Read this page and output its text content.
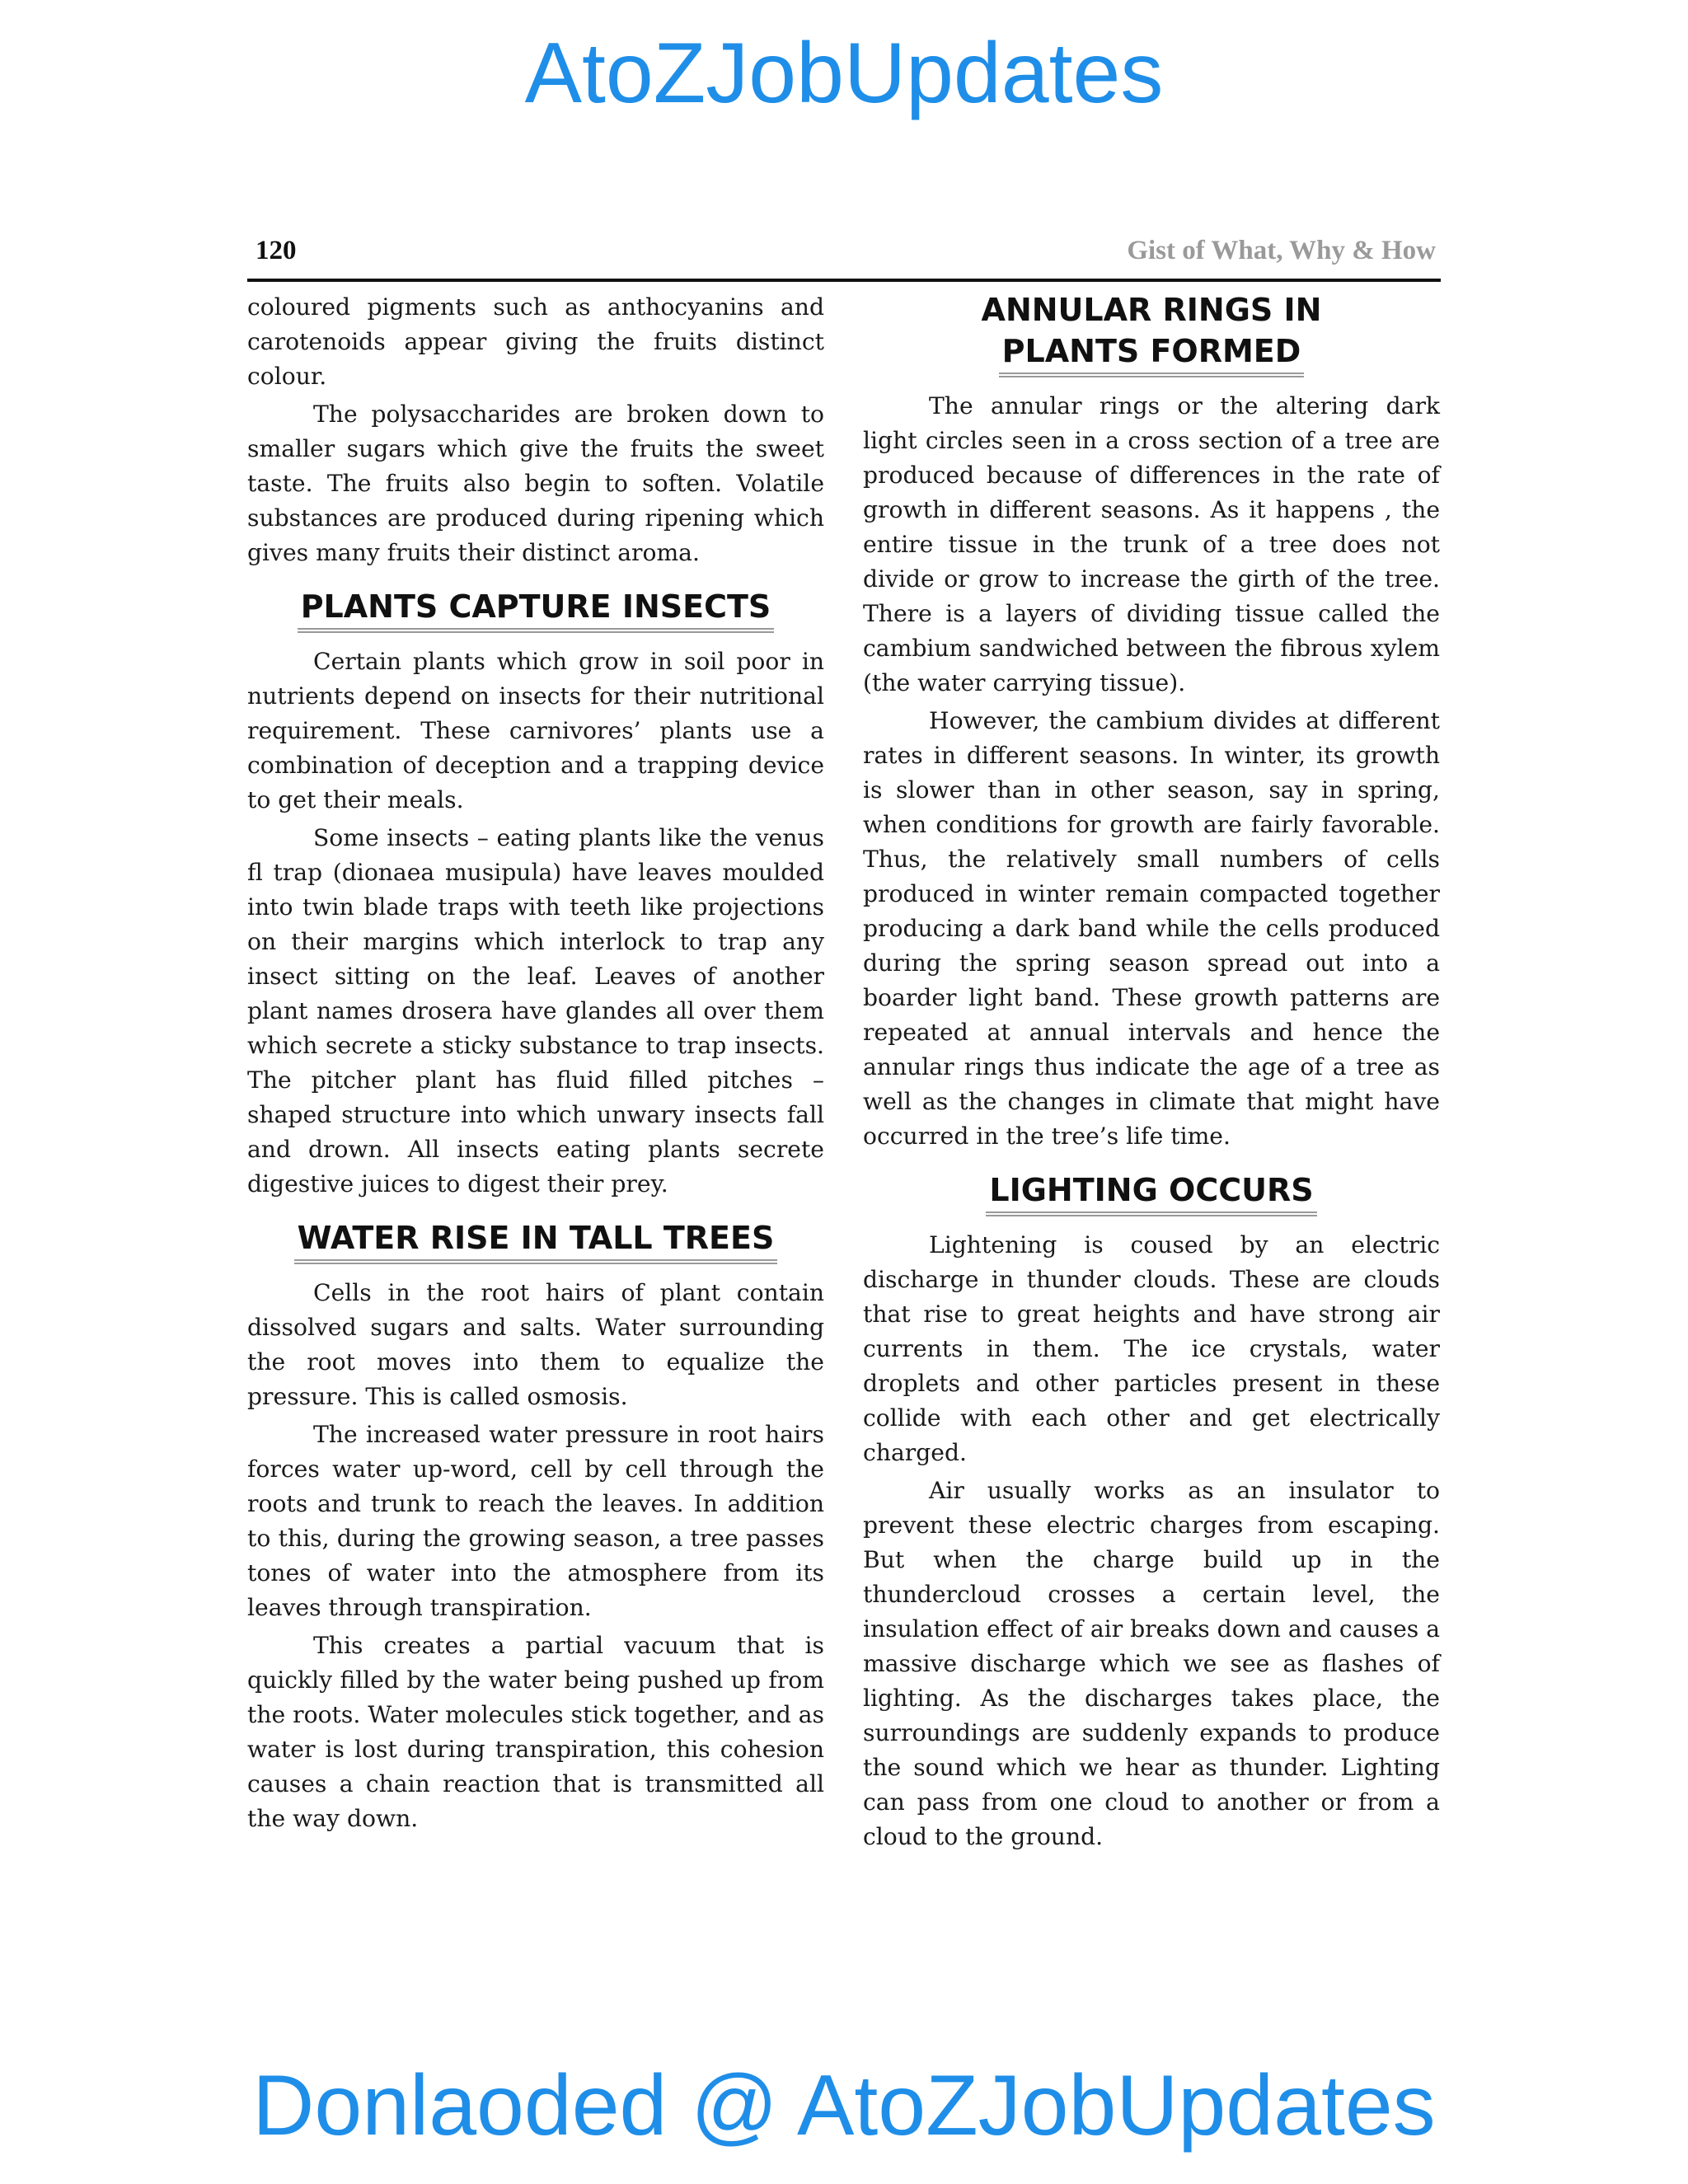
AtoZJobUpdates
120	Gist of What, Why & How

coloured pigments such as anthocyanins and carotenoids appear giving the fruits distinct colour.

The polysaccharides are broken down to smaller sugars which give the fruits the sweet taste. The fruits also begin to soften. Volatile substances are produced during ripening which gives many fruits their distinct aroma.

PLANTS CAPTURE INSECTS

Certain plants which grow in soil poor in nutrients depend on insects for their nutritional requirement. These carnivores’ plants use a combination of deception and a trapping device to get their meals.

Some insects – eating plants like the venus fl trap (dionaea musipula) have leaves moulded into twin blade traps with teeth like projections on their margins which interlock to trap any insect sitting on the leaf. Leaves of another plant names drosera have glandes all over them which secrete a sticky substance to trap insects. The pitcher plant has fluid filled pitches – shaped structure into which unwary insects fall and drown. All insects eating plants secrete digestive juices to digest their prey.

WATER RISE IN TALL TREES

Cells in the root hairs of plant contain dissolved sugars and salts. Water surrounding the root moves into them to equalize the pressure. This is called osmosis.

The increased water pressure in root hairs forces water up-word, cell by cell through the roots and trunk to reach the leaves. In addition to this, during the growing season, a tree passes tones of water into the atmosphere from its leaves through transpiration.

This creates a partial vacuum that is quickly filled by the water being pushed up from the roots. Water molecules stick together, and as water is lost during transpiration, this cohesion causes a chain reaction that is transmitted all the way down.

ANNULAR RINGS IN
PLANTS FORMED

The annular rings or the altering dark light circles seen in a cross section of a tree are produced because of differences in the rate of growth in different seasons. As it happens , the entire tissue in the trunk of a tree does not divide or grow to increase the girth of the tree. There is a layers of dividing tissue called the cambium sandwiched between the fibrous xylem (the water carrying tissue).

However, the cambium divides at different rates in different seasons. In winter, its growth is slower than in other season, say in spring, when conditions for growth are fairly favorable. Thus, the relatively small numbers of cells produced in winter remain compacted together producing a dark band while the cells produced during the spring season spread out into a boarder light band. These growth patterns are repeated at annual intervals and hence the annular rings thus indicate the age of a tree as well as the changes in climate that might have occurred in the tree’s life time.

LIGHTING OCCURS

Lightening is coused by an electric discharge in thunder clouds. These are clouds that rise to great heights and have strong air currents in them. The ice crystals, water droplets and other particles present in these collide with each other and get electrically charged.

Air usually works as an insulator to prevent these electric charges from escaping. But when the charge build up in the thundercloud crosses a certain level, the insulation effect of air breaks down and causes a massive discharge which we see as flashes of lighting. As the discharges takes place, the surroundings are suddenly expands to produce the sound which we hear as thunder. Lighting can pass from one cloud to another or from a cloud to the ground.

Donlaoded @ AtoZJobUpdates
